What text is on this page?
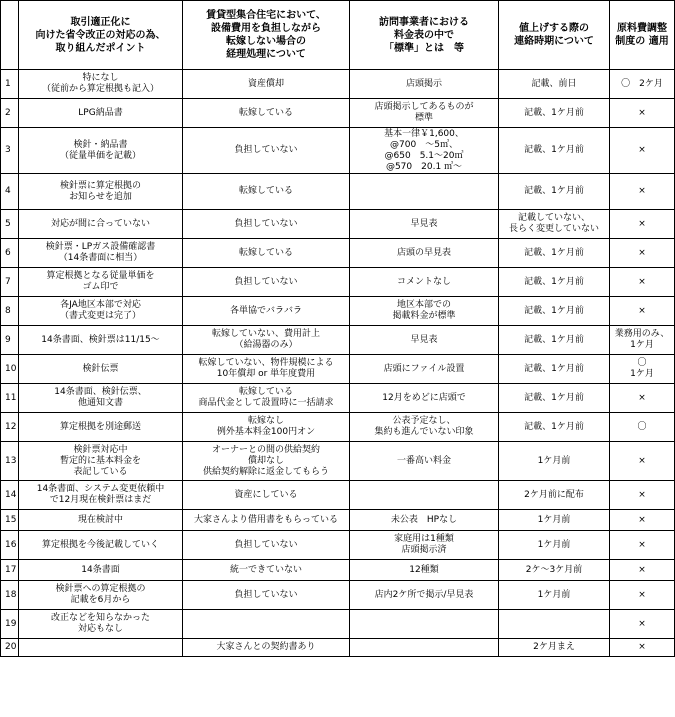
	取引適正化に
向けた省令改正の対応の為、
取り組んだポイント	賃貸型集合住宅において、
設備費用を負担しながら
転嫁しない場合の
経理処理について	訪問事業者における
料金表の中で
「標準」とは　等	値上げする際の
連絡時期について	原料費調整
制度の 適用
1	特になし
（従前から算定根拠も記入）	資産償却	店頭掲示	記載、前日	〇　2ケ月
2	LPG納品書	転嫁している	店頭掲示してあるものが
標準	記載、1ケ月前	×
3	検針・納品書
（従量単価を記載）	負担していない	基本一律￥1,600、
@700　～5㎥、
@650　5.1～20㎥
@570　20.1 ㎥～	記載、1ケ月前	×
4	検針票に算定根拠の
お知らせを追加	転嫁している		記載、1ケ月前	×
5	対応が間に合っていない	負担していない	早見表	記載していない、
長らく変更していない	×
6	検針票・LPガス設備確認書
（14条書面に相当）	転嫁している	店頭の早見表	記載、1ケ月前	×
7	算定根拠となる従量単価を
ゴム印で	負担していない	コメントなし	記載、1ケ月前	×
8	各JA地区本部で対応
（書式変更は完了）	各単協でバラバラ	地区本部での
掲載料金が標準	記載、1ケ月前	×
9	14条書面、検針票は11/15～	転嫁していない、費用計上
（給湯器のみ）	早見表	記載、1ケ月前	業務用のみ、
1ケ月
10	検針伝票	転嫁していない、物件規模による
10年償却 or 単年度費用	店頭にファイル設置	記載、1ケ月前	〇
1ケ月
11	14条書面、検針伝票、
他通知文書	転嫁している
商品代金として設置時に一括請求	12月をめどに店頭で	記載、1ケ月前	×
12	算定根拠を別途郵送	転嫁なし
例外基本料金100円オン	公表予定なし、
集約も進んでいない印象	記載、1ケ月前	〇
13	検針票対応中
暫定的に基本料金を
表記している	オーナーとの間の供給契約
償却なし
供給契約解除に返金してもらう	一番高い料金	1ケ月前	×
14	14条書面、システム変更依頼中
で12月現在検針票はまだ	資産にしている		2ケ月前に配布	×
15	現在検討中	大家さんより借用書をもらっている	未公表　HPなし	1ケ月前	×
16	算定根拠を今後記載していく	負担していない	家庭用は1種類
店頭掲示済	1ケ月前	×
17	14条書面	統一できていない	12種類	2ケ～3ケ月前	×
18	検針票への算定根拠の
記載を6月から	負担していない	店内2ケ所で掲示/早見表	1ケ月前	×
19	改正などを知らなかった
対応もなし				×
20		大家さんとの契約書あり		2ケ月まえ	×
